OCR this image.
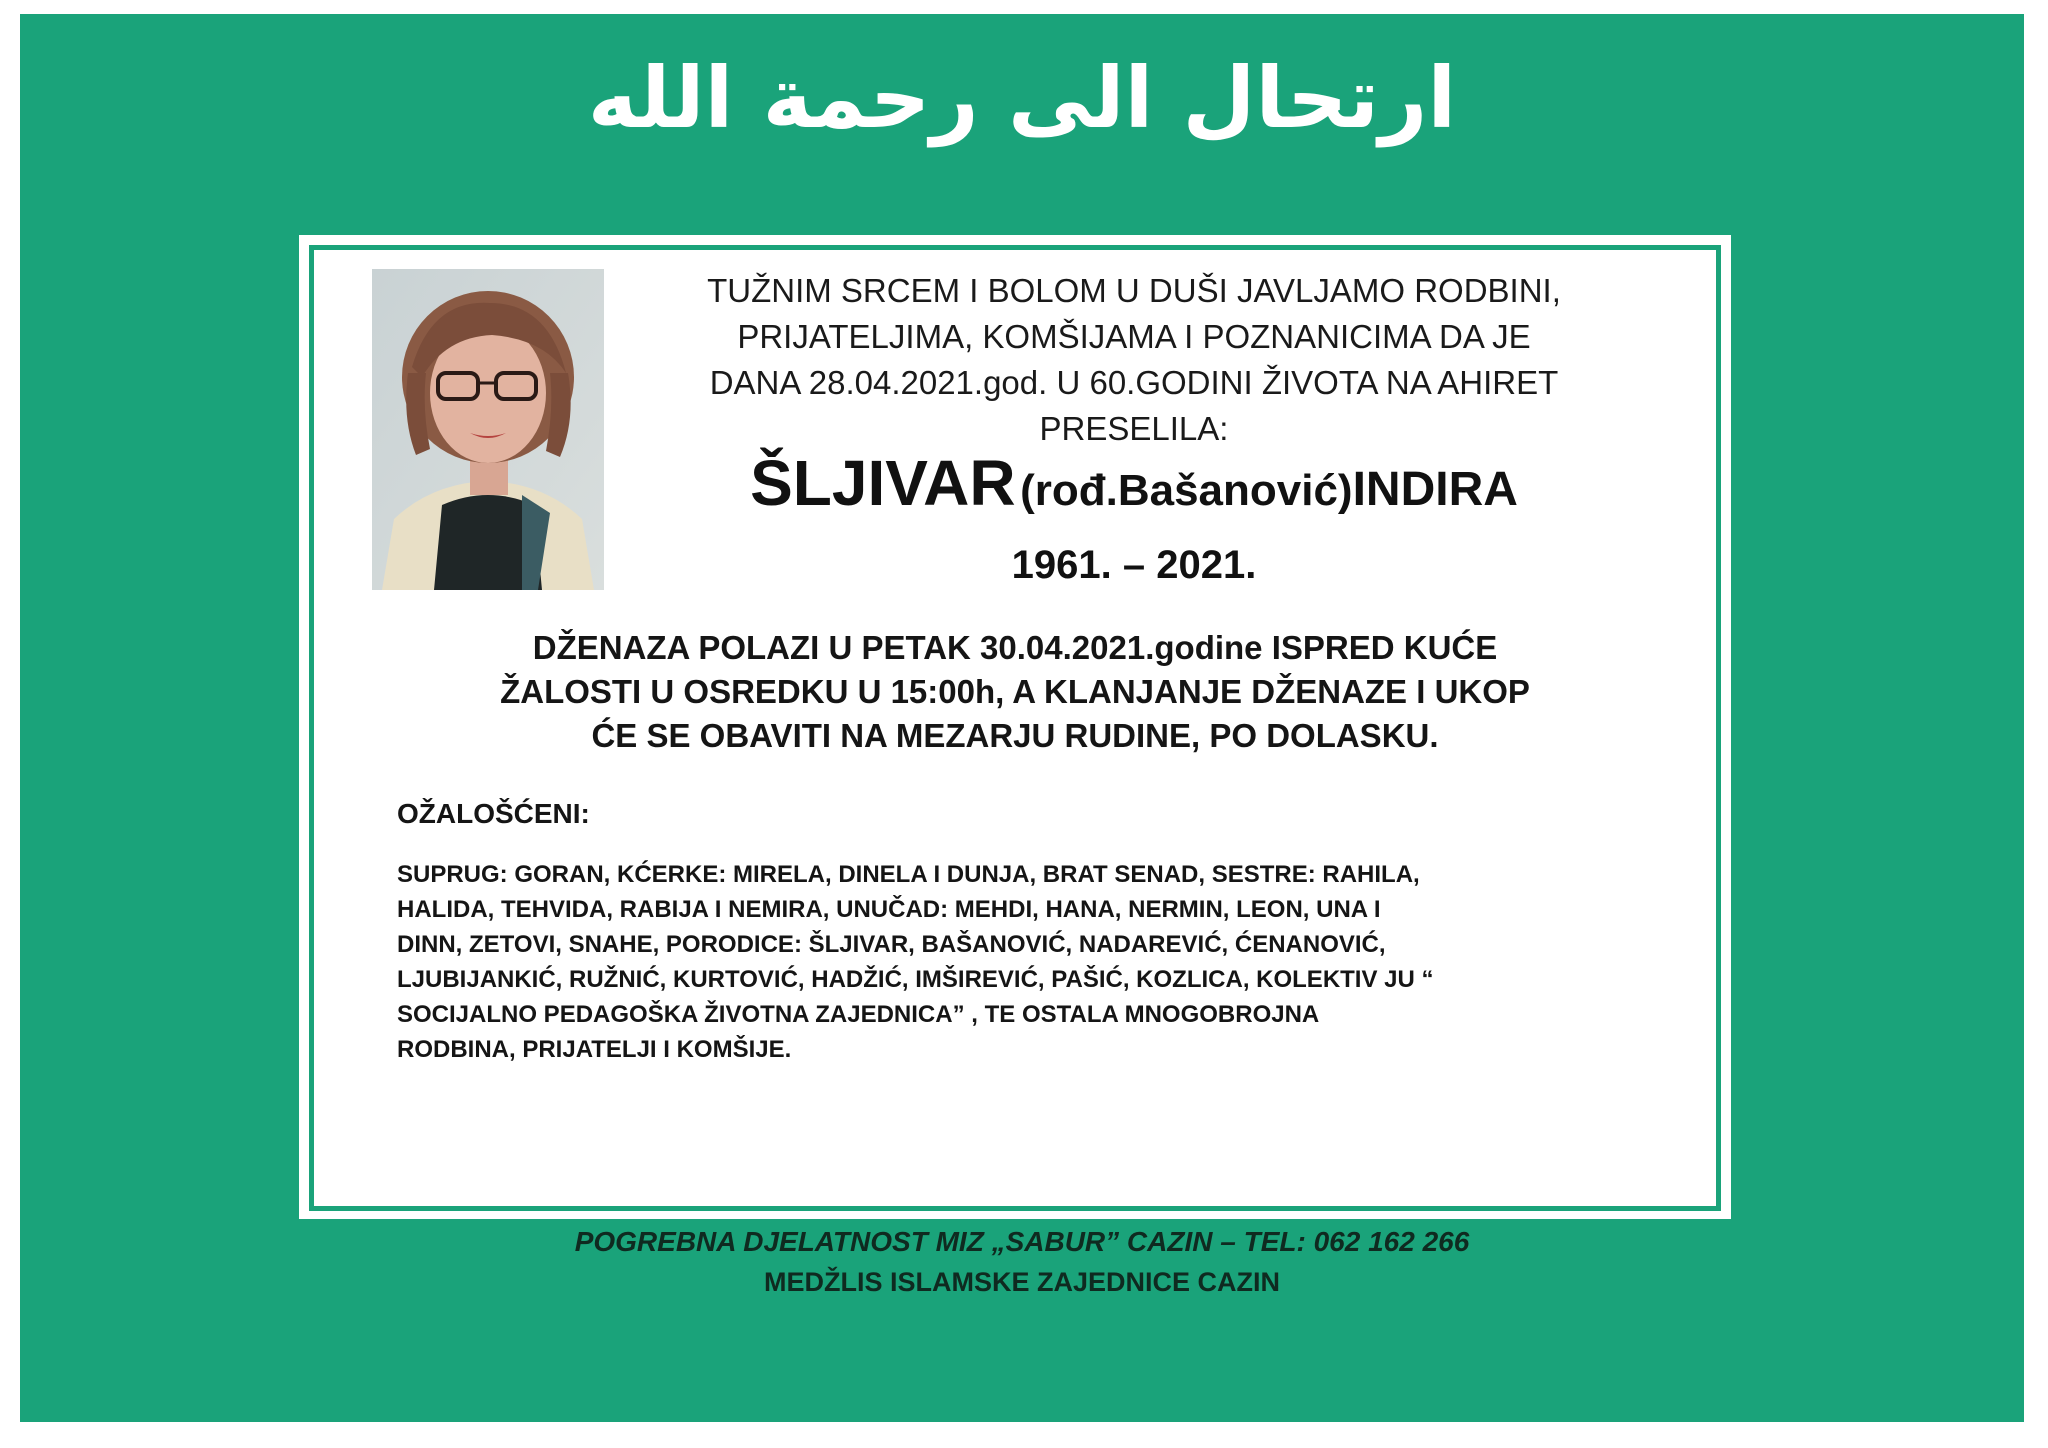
ارتحال الى رحمة الله
TUŽNIM SRCEM I BOLOM U DUŠI JAVLJAMO RODBINI,
PRIJATELJIMA, KOMŠIJAMA I POZNANICIMA DA JE
DANA 28.04.2021.god. U 60.GODINI ŽIVOTA NA AHIRET
PRESELILA:
ŠLJIVAR (rođ.Bašanović)INDIRA
1961. – 2021.
DŽENAZA POLAZI U PETAK 30.04.2021.godine ISPRED KUĆE
ŽALOSTI U OSREDKU U 15:00h, A KLANJANJE DŽENAZE I UKOP
ĆE SE OBAVITI NA MEZARJU RUDINE, PO DOLASKU.
OŽALOŠĆENI:
SUPRUG: GORAN, KĆERKE: MIRELA, DINELA I DUNJA, BRAT SENAD, SESTRE: RAHILA,
HALIDA, TEHVIDA, RABIJA I NEMIRA, UNUČAD: MEHDI, HANA, NERMIN, LEON, UNA I
DINN, ZETOVI, SNAHE, PORODICE: ŠLJIVAR, BAŠANOVIĆ, NADAREVIĆ, ĆENANOVIĆ,
LJUBIJANKIĆ, RUŽNIĆ, KURTOVIĆ, HADŽIĆ, IMŠIREVIĆ, PAŠIĆ, KOZLICA, KOLEKTIV JU “
SOCIJALNO PEDAGOŠKA ŽIVOTNA ZAJEDNICA” , TE OSTALA MNOGOBROJNA
RODBINA, PRIJATELJI I KOMŠIJE.
POGREBNA DJELATNOST MIZ „SABUR” CAZIN – TEL: 062 162 266
MEDŽLIS ISLAMSKE ZAJEDNICE CAZIN
